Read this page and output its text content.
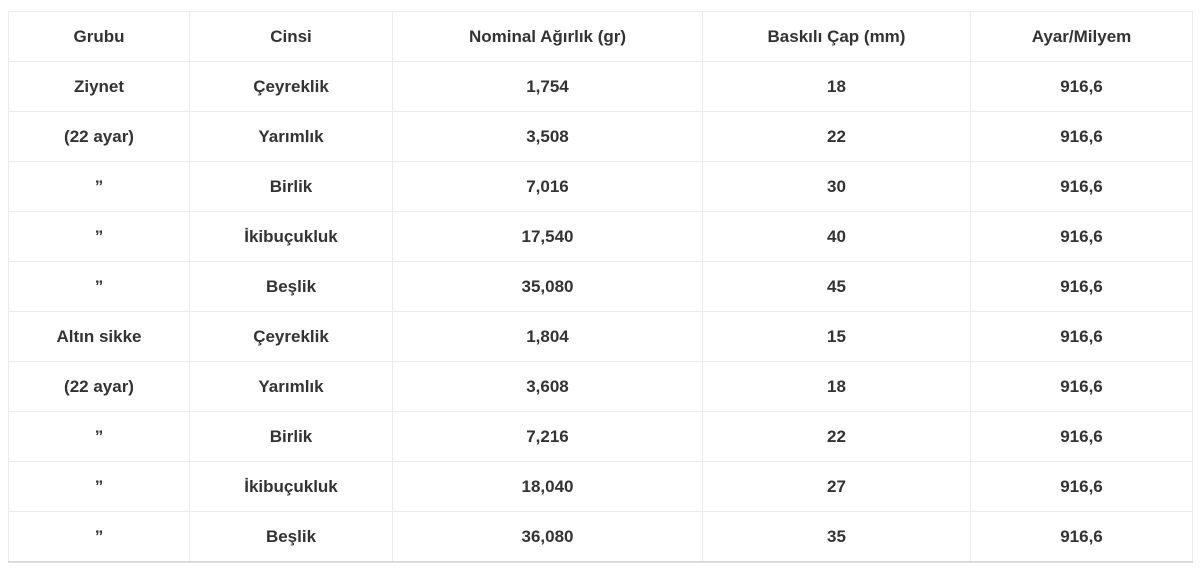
Grubu	Cinsi	Nominal Ağırlık (gr)	Baskılı Çap (mm)	Ayar/Milyem
Ziynet	Çeyreklik	1,754	18	916,6
(22 ayar)	Yarımlık	3,508	22	916,6
”	Birlik	7,016	30	916,6
”	İkibuçukluk	17,540	40	916,6
”	Beşlik	35,080	45	916,6
Altın sikke	Çeyreklik	1,804	15	916,6
(22 ayar)	Yarımlık	3,608	18	916,6
”	Birlik	7,216	22	916,6
”	İkibuçukluk	18,040	27	916,6
”	Beşlik	36,080	35	916,6
